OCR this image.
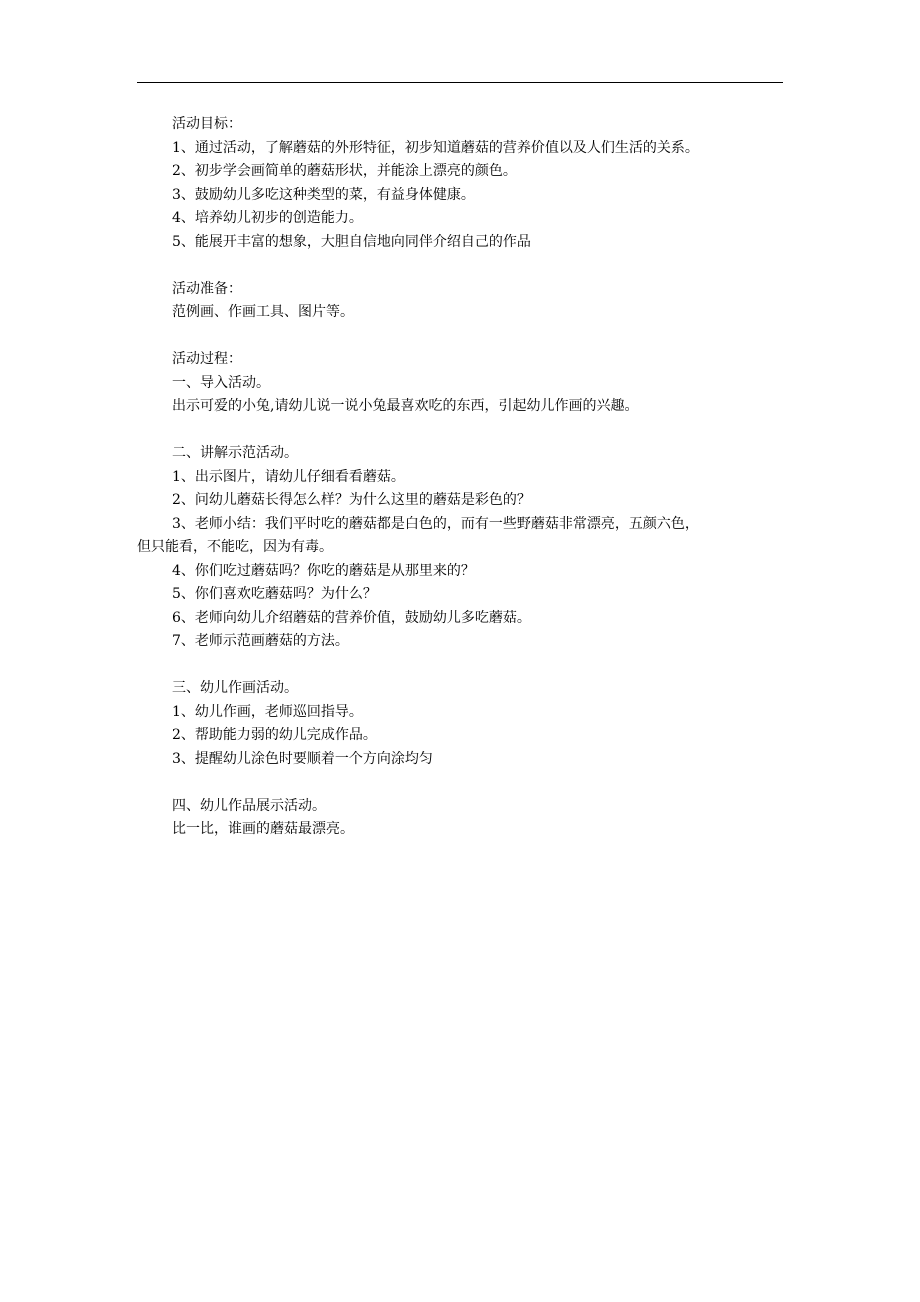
活动目标：

1、通过活动，了解蘑菇的外形特征，初步知道蘑菇的营养价值以及人们生活的关系。

2、初步学会画简单的蘑菇形状，并能涂上漂亮的颜色。

3、鼓励幼儿多吃这种类型的菜，有益身体健康。

4、培养幼儿初步的创造能力。

5、能展开丰富的想象，大胆自信地向同伴介绍自己的作品

活动准备：

范例画、作画工具、图片等。

活动过程：

一、导入活动。

出示可爱的小兔,请幼儿说一说小兔最喜欢吃的东西，引起幼儿作画的兴趣。

二、讲解示范活动。

1、出示图片，请幼儿仔细看看蘑菇。

2、问幼儿蘑菇长得怎么样？为什么这里的蘑菇是彩色的？

3、老师小结：我们平时吃的蘑菇都是白色的，而有一些野蘑菇非常漂亮，五颜六色，

但只能看，不能吃，因为有毒。

4、你们吃过蘑菇吗？你吃的蘑菇是从那里来的？

5、你们喜欢吃蘑菇吗？为什么？

6、老师向幼儿介绍蘑菇的营养价值，鼓励幼儿多吃蘑菇。

7、老师示范画蘑菇的方法。

三、幼儿作画活动。

1、幼儿作画，老师巡回指导。

2、帮助能力弱的幼儿完成作品。

3、提醒幼儿涂色时要顺着一个方向涂均匀

四、幼儿作品展示活动。

比一比，谁画的蘑菇最漂亮。
